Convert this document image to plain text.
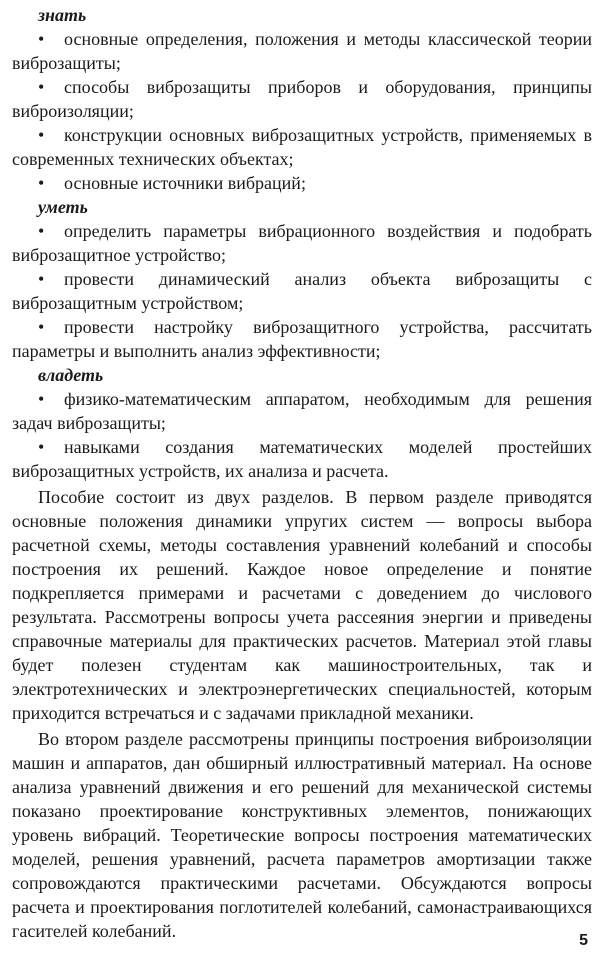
знать
• основные определения, положения и методы классической теории виброзащиты;
• способы виброзащиты приборов и оборудования, принципы виброизоляции;
• конструкции основных виброзащитных устройств, применяемых в современных технических объектах;
• основные источники вибраций;
уметь
• определить параметры вибрационного воздействия и подобрать виброзащитное устройство;
• провести динамический анализ объекта виброзащиты с виброзащитным устройством;
• провести настройку виброзащитного устройства, рассчитать параметры и выполнить анализ эффективности;
владеть
• физико-математическим аппаратом, необходимым для решения задач виброзащиты;
• навыками создания математических моделей простейших виброзащитных устройств, их анализа и расчета.

Пособие состоит из двух разделов. В первом разделе приводятся основные положения динамики упругих систем — вопросы выбора расчетной схемы, методы составления уравнений колебаний и способы построения их решений. Каждое новое определение и понятие подкрепляется примерами и расчетами с доведением до числового результата. Рассмотрены вопросы учета рассеяния энергии и приведены справочные материалы для практических расчетов. Материал этой главы будет полезен студентам как машиностроительных, так и электротехнических и электроэнергетических специальностей, которым приходится встречаться и с задачами прикладной механики.

Во втором разделе рассмотрены принципы построения виброизоляции машин и аппаратов, дан обширный иллюстративный материал. На основе анализа уравнений движения и его решений для механической системы показано проектирование конструктивных элементов, понижающих уровень вибраций. Теоретические вопросы построения математических моделей, решения уравнений, расчета параметров амортизации также сопровождаются практическими расчетами. Обсуждаются вопросы расчета и проектирования поглотителей колебаний, самонастраивающихся гасителей колебаний.	5
